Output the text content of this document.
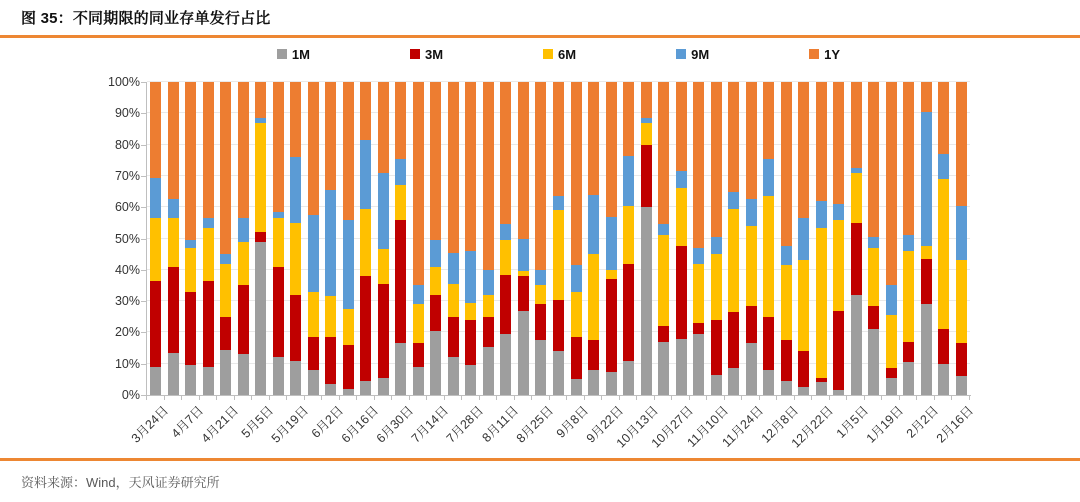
图 35：不同期限的同业存单发行占比
1M	3M	6M	9M	1Y
0%
10%
20%
30%
40%
50%
60%
70%
80%
90%
100%
3月24日
4月7日
4月21日
5月5日
5月19日
6月2日
6月16日
6月30日
7月14日
7月28日
8月11日
8月25日
9月8日
9月22日
10月13日
10月27日
11月10日
11月24日
12月8日
12月22日
1月5日
1月19日
2月2日
2月16日
资料来源：Wind，天风证券研究所
